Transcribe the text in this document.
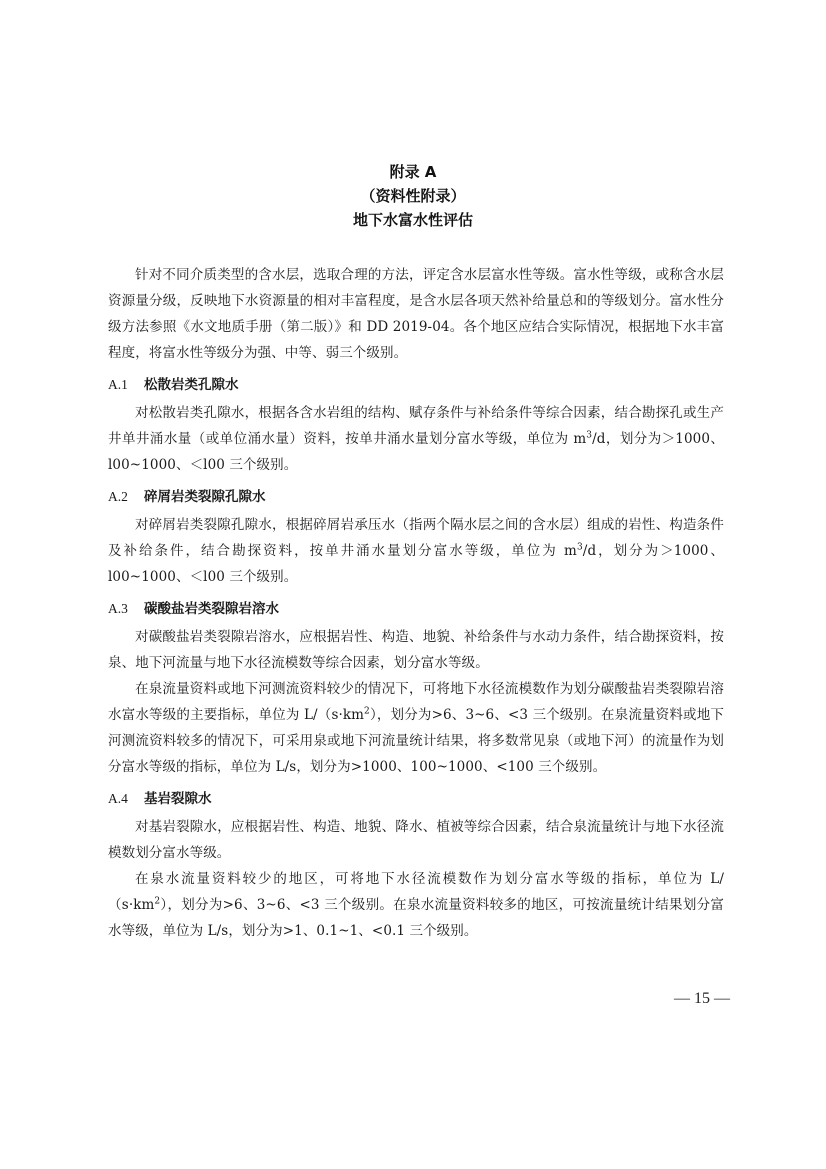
附录 A
（资料性附录）
地下水富水性评估

针对不同介质类型的含水层，选取合理的方法，评定含水层富水性等级。富水性等级，或称含水层资源量分级，反映地下水资源量的相对丰富程度，是含水层各项天然补给量总和的等级划分。富水性分级方法参照《水文地质手册（第二版）》和 DD 2019-04。各个地区应结合实际情况，根据地下水丰富程度，将富水性等级分为强、中等、弱三个级别。

A.1 松散岩类孔隙水

对松散岩类孔隙水，根据各含水岩组的结构、赋存条件与补给条件等综合因素，结合勘探孔或生产井单井涌水量（或单位涌水量）资料，按单井涌水量划分富水等级，单位为 $m^3/d$，划分为＞1000、l00~1000、＜l00 三个级别。

A.2 碎屑岩类裂隙孔隙水

对碎屑岩类裂隙孔隙水，根据碎屑岩承压水（指两个隔水层之间的含水层）组成的岩性、构造条件及补给条件，结合勘探资料，按单井涌水量划分富水等级，单位为 $m^3/d$，划分为＞1000、l00~1000、＜l00 三个级别。

A.3 碳酸盐岩类裂隙岩溶水

对碳酸盐岩类裂隙岩溶水，应根据岩性、构造、地貌、补给条件与水动力条件，结合勘探资料，按泉、地下河流量与地下水径流模数等综合因素，划分富水等级。

在泉流量资料或地下河测流资料较少的情况下，可将地下水径流模数作为划分碳酸盐岩类裂隙岩溶水富水等级的主要指标，单位为 $L/(s\cdot km^2)$，划分为>6、3~6、<3 三个级别。在泉流量资料或地下河测流资料较多的情况下，可采用泉或地下河流量统计结果，将多数常见泉（或地下河）的流量作为划分富水等级的指标，单位为 L/s，划分为>1000、100~1000、<100 三个级别。

A.4 基岩裂隙水

对基岩裂隙水，应根据岩性、构造、地貌、降水、植被等综合因素，结合泉流量统计与地下水径流模数划分富水等级。

在泉水流量资料较少的地区，可将地下水径流模数作为划分富水等级的指标，单位为 $L/(s\cdot km^2)$，划分为>6、3~6、<3 三个级别。在泉水流量资料较多的地区，可按流量统计结果划分富水等级，单位为 L/s，划分为>1、0.1~1、<0.1 三个级别。

— 15 —
